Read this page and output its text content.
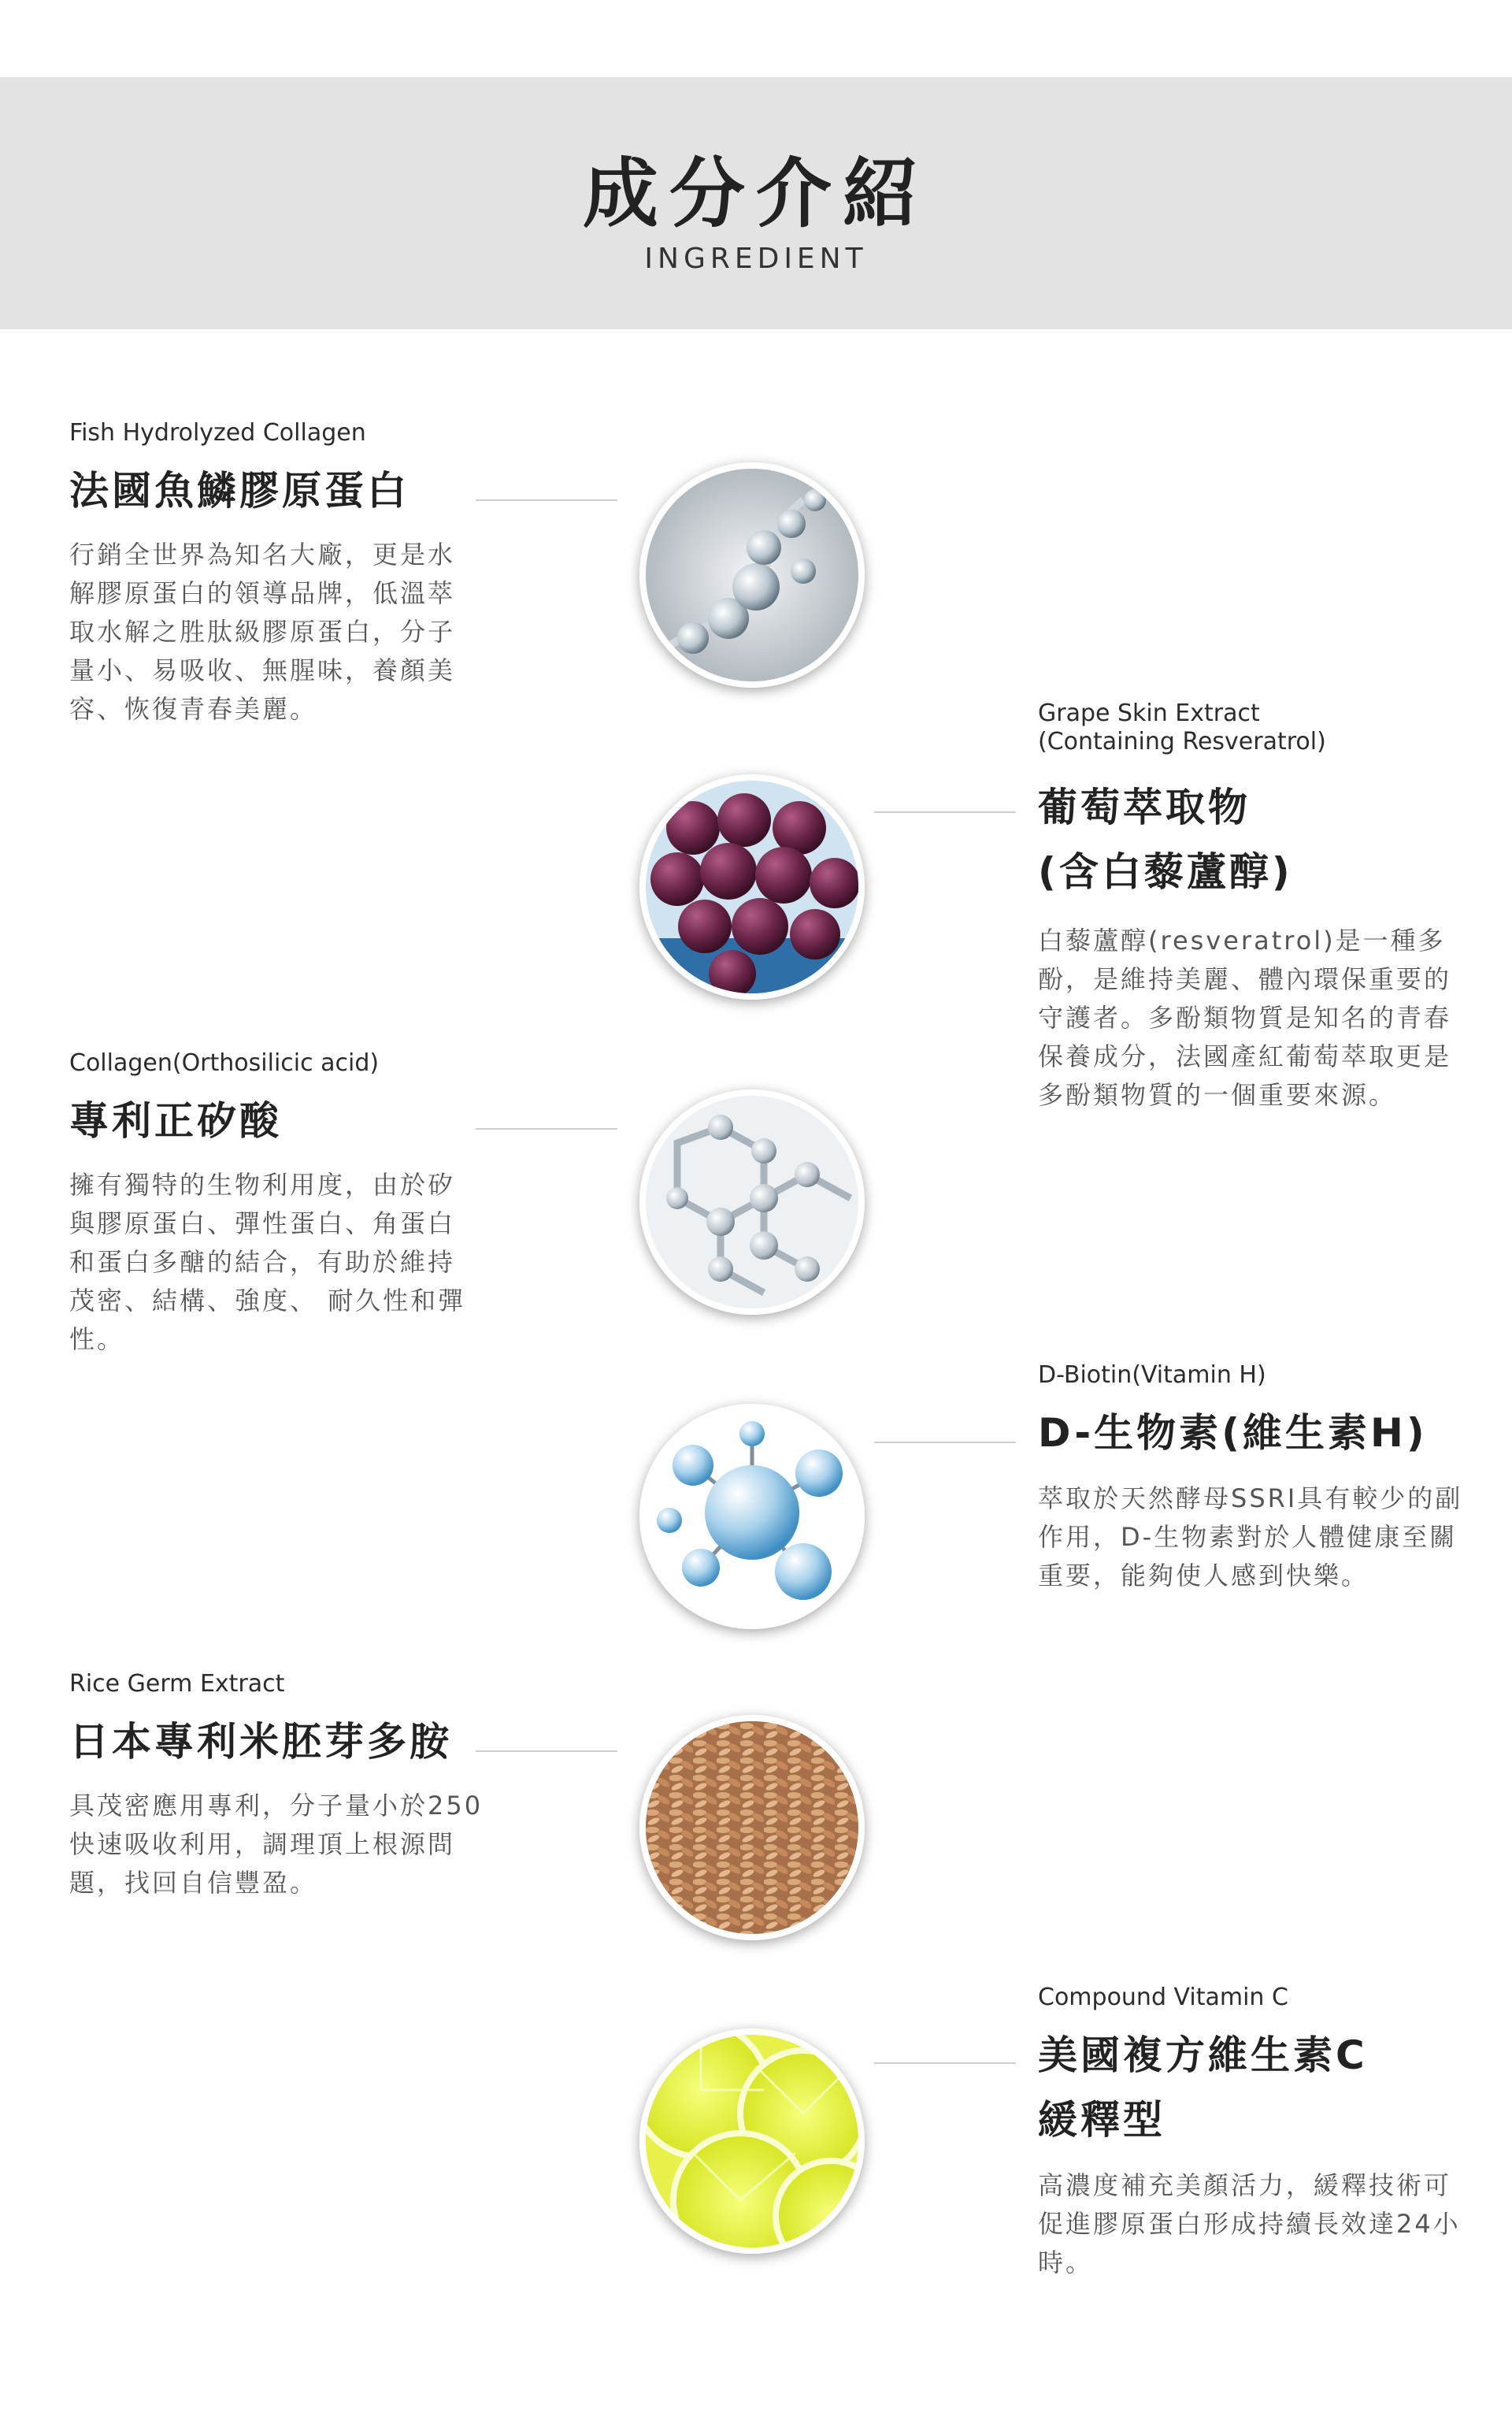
成分介紹
INGREDIENT
Fish Hydrolyzed Collagen
法國魚鱗膠原蛋白
行銷全世界為知名大廠，更是水解膠原蛋白的領導品牌，低溫萃取水解之胜肽級膠原蛋白，分子量小、易吸收、無腥味，養顏美容、恢復青春美麗。	Grape Skin Extract
(Containing Resveratrol)
葡萄萃取物
(含白藜蘆醇)
白藜蘆醇(resveratrol)是一種多酚，是維持美麗、體內環保重要的守護者。多酚類物質是知名的青春保養成分，法國產紅葡萄萃取更是多酚類物質的一個重要來源。
Collagen(Orthosilicic acid)
專利正矽酸
擁有獨特的生物利用度，由於矽與膠原蛋白、彈性蛋白、角蛋白和蛋白多醣的結合，有助於維持茂密、結構、強度、 耐久性和彈性。
D-Biotin(Vitamin H)
D-生物素(維生素H)
萃取於天然酵母SSRI具有較少的副作用，D-生物素對於人體健康至關重要，能夠使人感到快樂。
Rice Germ Extract
日本專利米胚芽多胺
具茂密應用專利，分子量小於250快速吸收利用，調理頂上根源問題，找回自信豐盈。
Compound Vitamin C
美國複方維生素C
緩釋型
高濃度補充美顏活力，緩釋技術可促進膠原蛋白形成持續長效達24小時。
